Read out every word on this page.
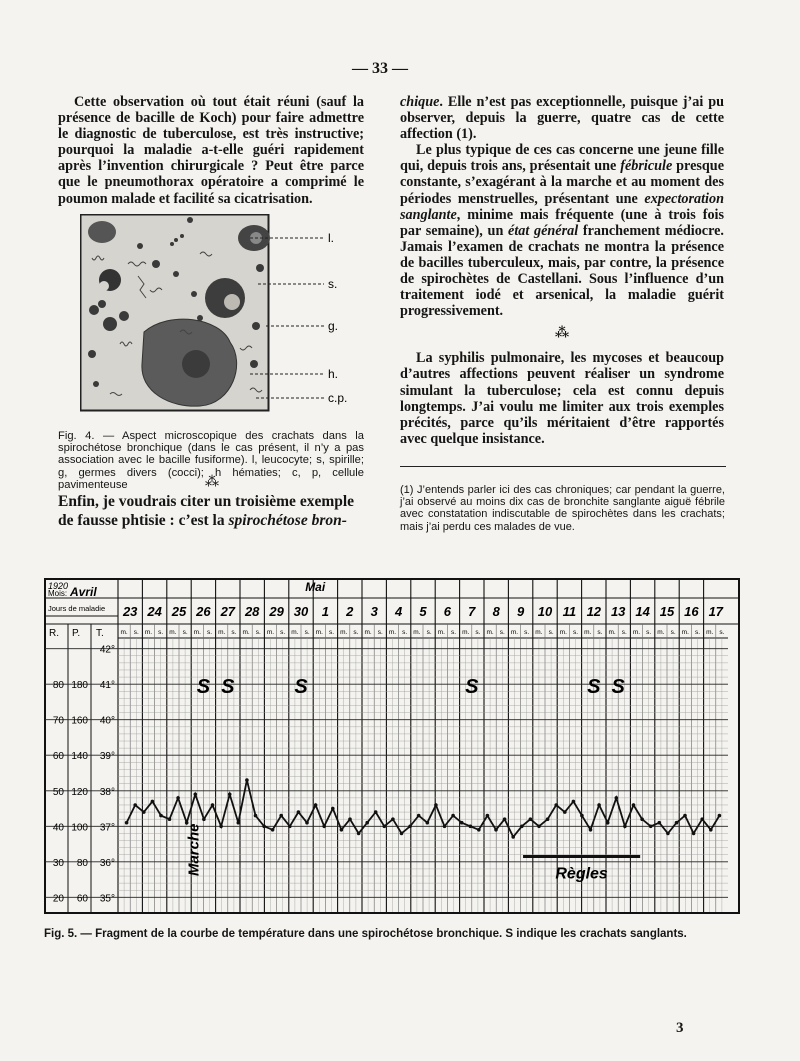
— 33 —

Cette observation où tout était réuni (sauf la présence de bacille de Koch) pour faire admettre le diagnostic de tuberculose, est très instructive; pourquoi la maladie a-t-elle guéri rapidement après l’invention chirurgicale ? Peut être parce que le pneumothorax opératoire a comprimé le poumon malade et facilité sa cicatrisation.

l.
s.
g.
h.
c.p.
Fig. 4. — Aspect microscopique des crachats dans la spirochétose bronchique (dans le cas présent, il n’y a pas association avec le bacille fusiforme). l, leucocyte; s, spirille; g, germes divers (cocci); h hématies; c, p, cellule pavimenteuse	⁂
Enfin, je voudrais citer un troisième exemple de fausse phtisie : c’est la spirochétose bron-

chique. Elle n’est pas exceptionnelle, puisque j’ai pu observer, depuis la guerre, quatre cas de cette affection (1).

Le plus typique de ces cas concerne une jeune fille qui, depuis trois ans, présentait une fébricule presque constante, s’exagérant à la marche et au moment des périodes menstruelles, présentant une expectoration sanglante, minime mais fréquente (une à trois fois par semaine), un état général franchement médiocre. Jamais l’examen de crachats ne montra la présence de bacilles tuberculeux, mais, par contre, la présence de spirochètes de Castellani. Sous l’influence d’un traitement iodé et arsenical, la maladie guérit progressivement.

⁂

La syphilis pulmonaire, les mycoses et beaucoup d’autres affections peuvent réaliser un syndrome simulant la tuberculose; cela est connu depuis longtemps. J’ai voulu me limiter aux trois exemples précités, parce qu’ils méritaient d’être rapportés avec quelque insistance.

(1) J’entends parler ici des cas chroniques; car pendant la guerre, j’ai observé au moins dix cas de bronchite sanglante aiguë fébrile avec constatation indiscutable de spirochètes dans les crachats; mais j’ai perdu ces malades de vue.
R. P. T.
1920
Mois: Avril
Jours de maladie
Mai
23
m. s.
24
m. s.
25
m. s.
26
m. s.
27
m. s.
28
m. s.
29
m. s.
30
m. s.
1
m. s.
2
m. s.
3
m. s.
4
m. s.
5
m. s.
6
m. s.
7
m. s.
8
m. s.
9
m. s.
10
m. s.
11
m. s.
12
m. s.
13
m. s.
14
m. s.
15
m. s.
16
m. s.
17
m. s.
42°
41°
180
80
40°
160
70
39°
140
60
38°
120
50
37°
100
40
36°
80
30
35°
60
20
S S	S	S	S S
Marche	Règles
Fig. 5. — Fragment de la courbe de température dans une spirochétose bronchique. S indique les crachats sanglants.
3
